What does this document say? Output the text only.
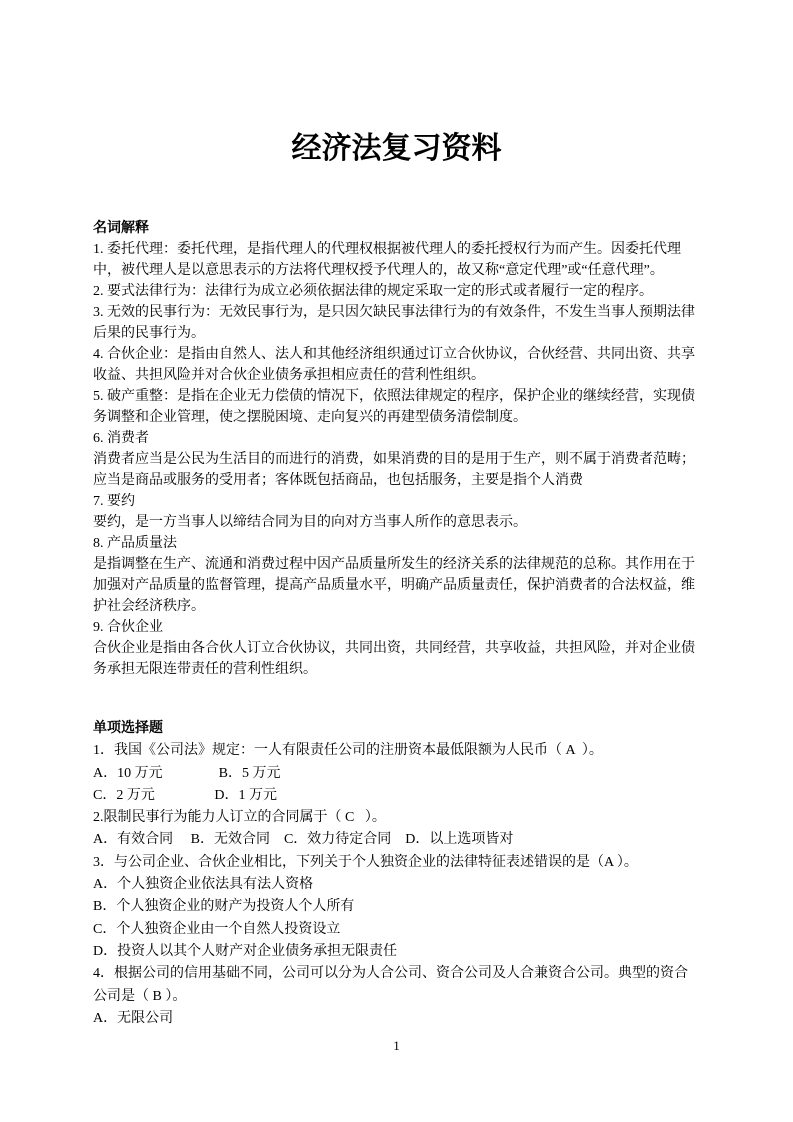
经济法复习资料

名词解释

1. 委托代理：委托代理，是指代理人的代理权根据被代理人的委托授权行为而产生。因委托代理中，被代理人是以意思表示的方法将代理权授予代理人的，故又称“意定代理”或“任意代理”。

2. 要式法律行为：法律行为成立必须依据法律的规定采取一定的形式或者履行一定的程序。

3. 无效的民事行为：无效民事行为，是只因欠缺民事法律行为的有效条件，不发生当事人预期法律后果的民事行为。

4. 合伙企业：是指由自然人、法人和其他经济组织通过订立合伙协议，合伙经营、共同出资、共享收益、共担风险并对合伙企业债务承担相应责任的营利性组织。

5. 破产重整：是指在企业无力偿债的情况下，依照法律规定的程序，保护企业的继续经营，实现债务调整和企业管理，使之摆脱困境、走向复兴的再建型债务清偿制度。

6. 消费者

消费者应当是公民为生活目的而进行的消费，如果消费的目的是用于生产，则不属于消费者范畴；应当是商品或服务的受用者；客体既包括商品，也包括服务，主要是指个人消费

7. 要约

要约，是一方当事人以缔结合同为目的向对方当事人所作的意思表示。

8. 产品质量法

是指调整在生产、流通和消费过程中因产品质量所发生的经济关系的法律规范的总称。其作用在于加强对产品质量的监督管理，提高产品质量水平，明确产品质量责任，保护消费者的合法权益，维护社会经济秩序。

9. 合伙企业

合伙企业是指由各合伙人订立合伙协议，共同出资，共同经营，共享收益，共担风险，并对企业债务承担无限连带责任的营利性组织。

单项选择题

1．我国《公司法》规定：一人有限责任公司的注册资本最低限额为人民币（ A  ）。

A．10 万元                B．5 万元

C．2 万元                 D．1 万元

2.限制民事行为能力人订立的合同属于（ C   ）。

A．有效合同     B．无效合同    C．效力待定合同    D．以上选项皆对

3．与公司企业、合伙企业相比，下列关于个人独资企业的法律特征表述错误的是（A ）。

A．个人独资企业依法具有法人资格

B．个人独资企业的财产为投资人个人所有

C．个人独资企业由一个自然人投资设立

D．投资人以其个人财产对企业债务承担无限责任

4．根据公司的信用基础不同，公司可以分为人合公司、资合公司及人合兼资合公司。典型的资合公司是（ B ）。

A．无限公司

1
